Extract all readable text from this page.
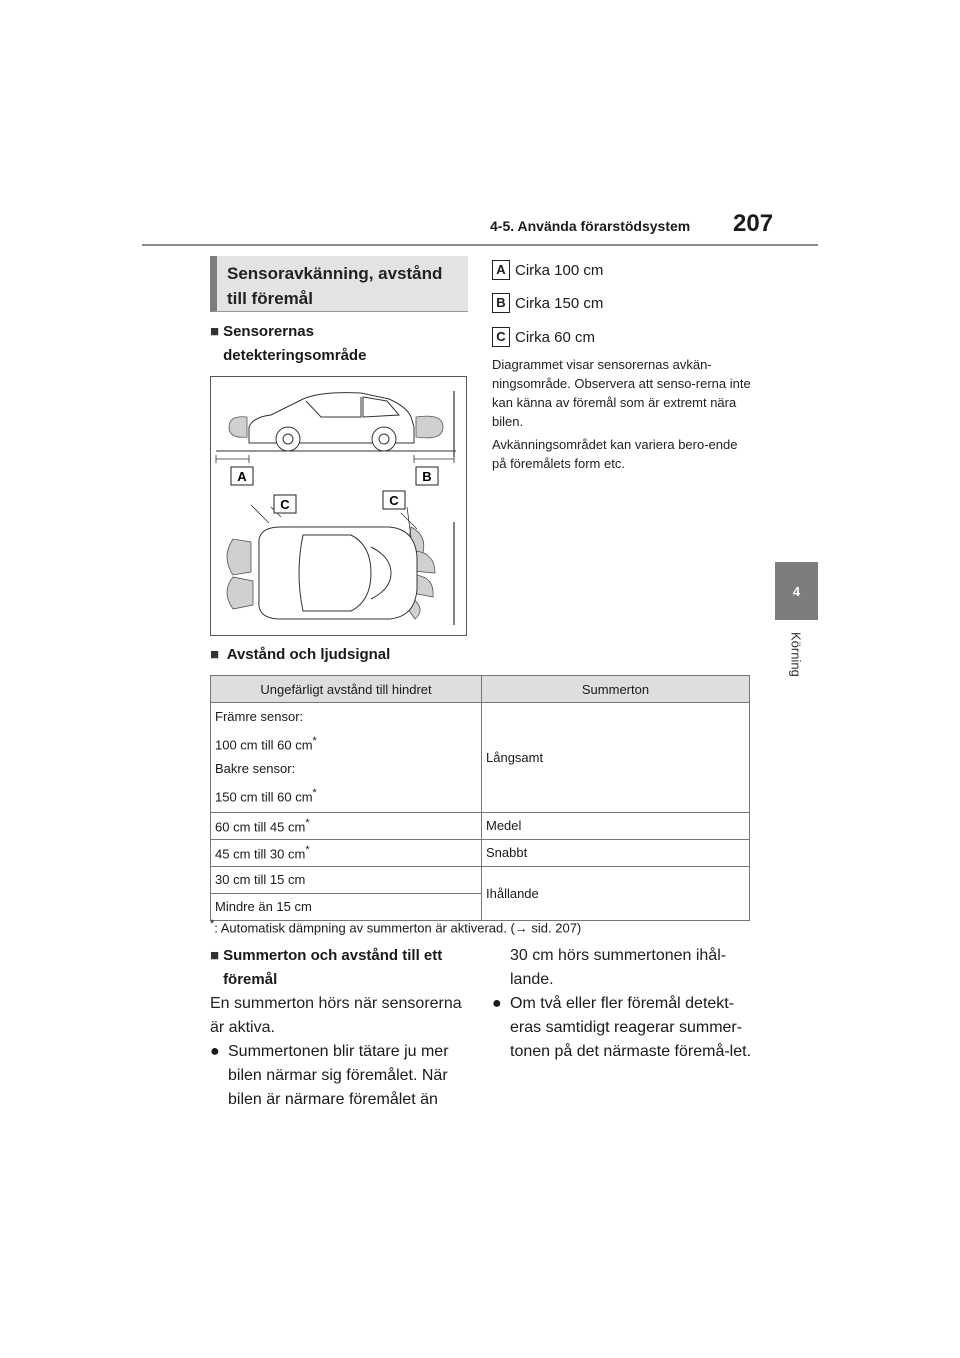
4-5. Använda förarstödsystem 207
4
Körning
Sensoravkänning, avstånd till föremål
■ Sensorernas detekteringsområde
A	B
C	C
A Cirka 100 cm
B Cirka 150 cm
C Cirka 60 cm
Diagrammet visar sensorernas avkän-ningsområde. Observera att senso-rerna inte kan känna av föremål som är extremt nära bilen.
Avkänningsområdet kan variera bero-ende på föremålets form etc.
■ Avstånd och ljudsignal
Ungefärligt avstånd till hindret	Summerton

Främre sensor:
100 cm till 60 cm*
Bakre sensor:
150 cm till 60 cm*	Långsamt
60 cm till 45 cm*	Medel
45 cm till 30 cm*	Snabbt
30 cm till 15 cm	Ihållande
Mindre än 15 cm	
*: Automatisk dämpning av summerton är aktiverad. (→ sid. 207)
■ Summerton och avstånd till ett föremål
En summerton hörs när sensorerna är aktiva.
● Summertonen blir tätare ju mer bilen närmar sig föremålet. När bilen är närmare föremålet än
30 cm hörs summertonen ihål-lande.
● Om två eller fler föremål detekt-eras samtidigt reagerar summer-tonen på det närmaste föremå-let.
